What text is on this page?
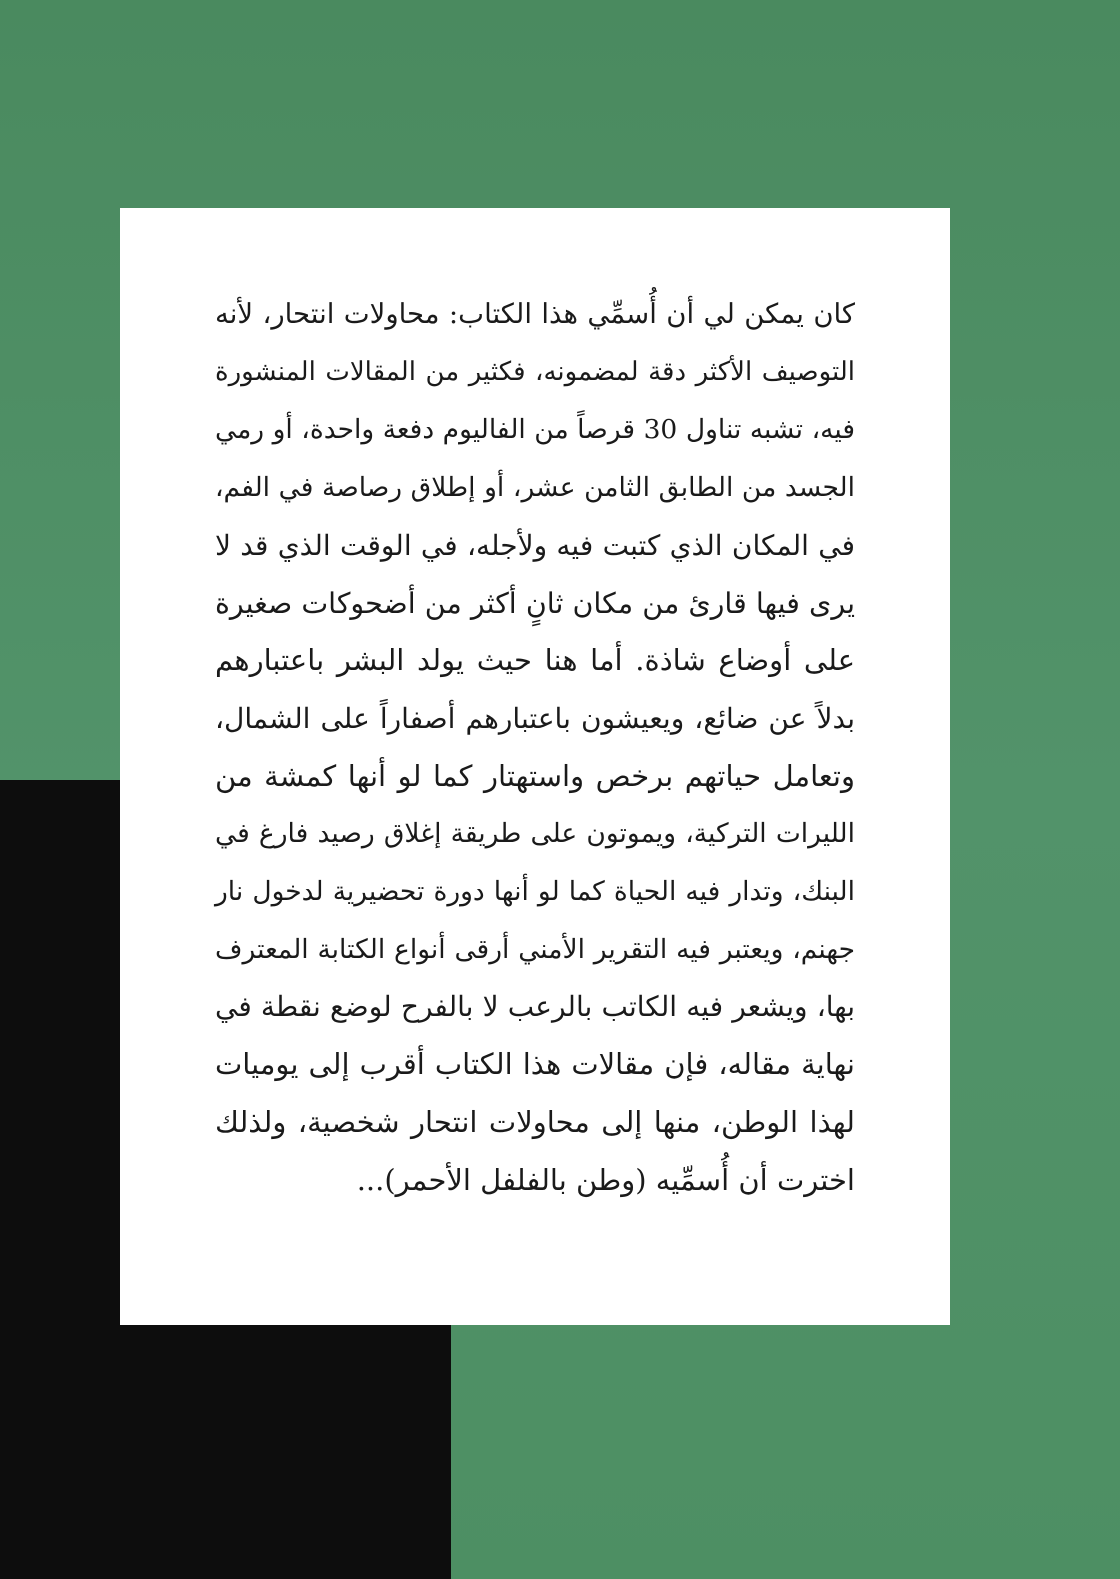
كان يمكن لي أن أُسمِّي هذا الكتاب: محاولات انتحار، لأنه
التوصيف الأكثر دقة لمضمونه، فكثير من المقالات المنشورة
فيه، تشبه تناول 30 قرصاً من الفاليوم دفعة واحدة، أو رمي
الجسد من الطابق الثامن عشر، أو إطلاق رصاصة في الفم،
في المكان الذي كتبت فيه ولأجله، في الوقت الذي قد لا
يرى فيها قارئ من مكان ثانٍ أكثر من أضحوكات صغيرة
على أوضاع شاذة. أما هنا حيث يولد البشر باعتبارهم
بدلاً عن ضائع، ويعيشون باعتبارهم أصفاراً على الشمال،
وتعامل حياتهم برخص واستهتار كما لو أنها كمشة من
الليرات التركية، ويموتون على طريقة إغلاق رصيد فارغ في
البنك، وتدار فيه الحياة كما لو أنها دورة تحضيرية لدخول نار
جهنم، ويعتبر فيه التقرير الأمني أرقى أنواع الكتابة المعترف
بها، ويشعر فيه الكاتب بالرعب لا بالفرح لوضع نقطة في
نهاية مقاله، فإن مقالات هذا الكتاب أقرب إلى يوميات
لهذا الوطن، منها إلى محاولات انتحار شخصية، ولذلك
اخترت أن أُسمِّيه (وطن بالفلفل الأحمر)...
